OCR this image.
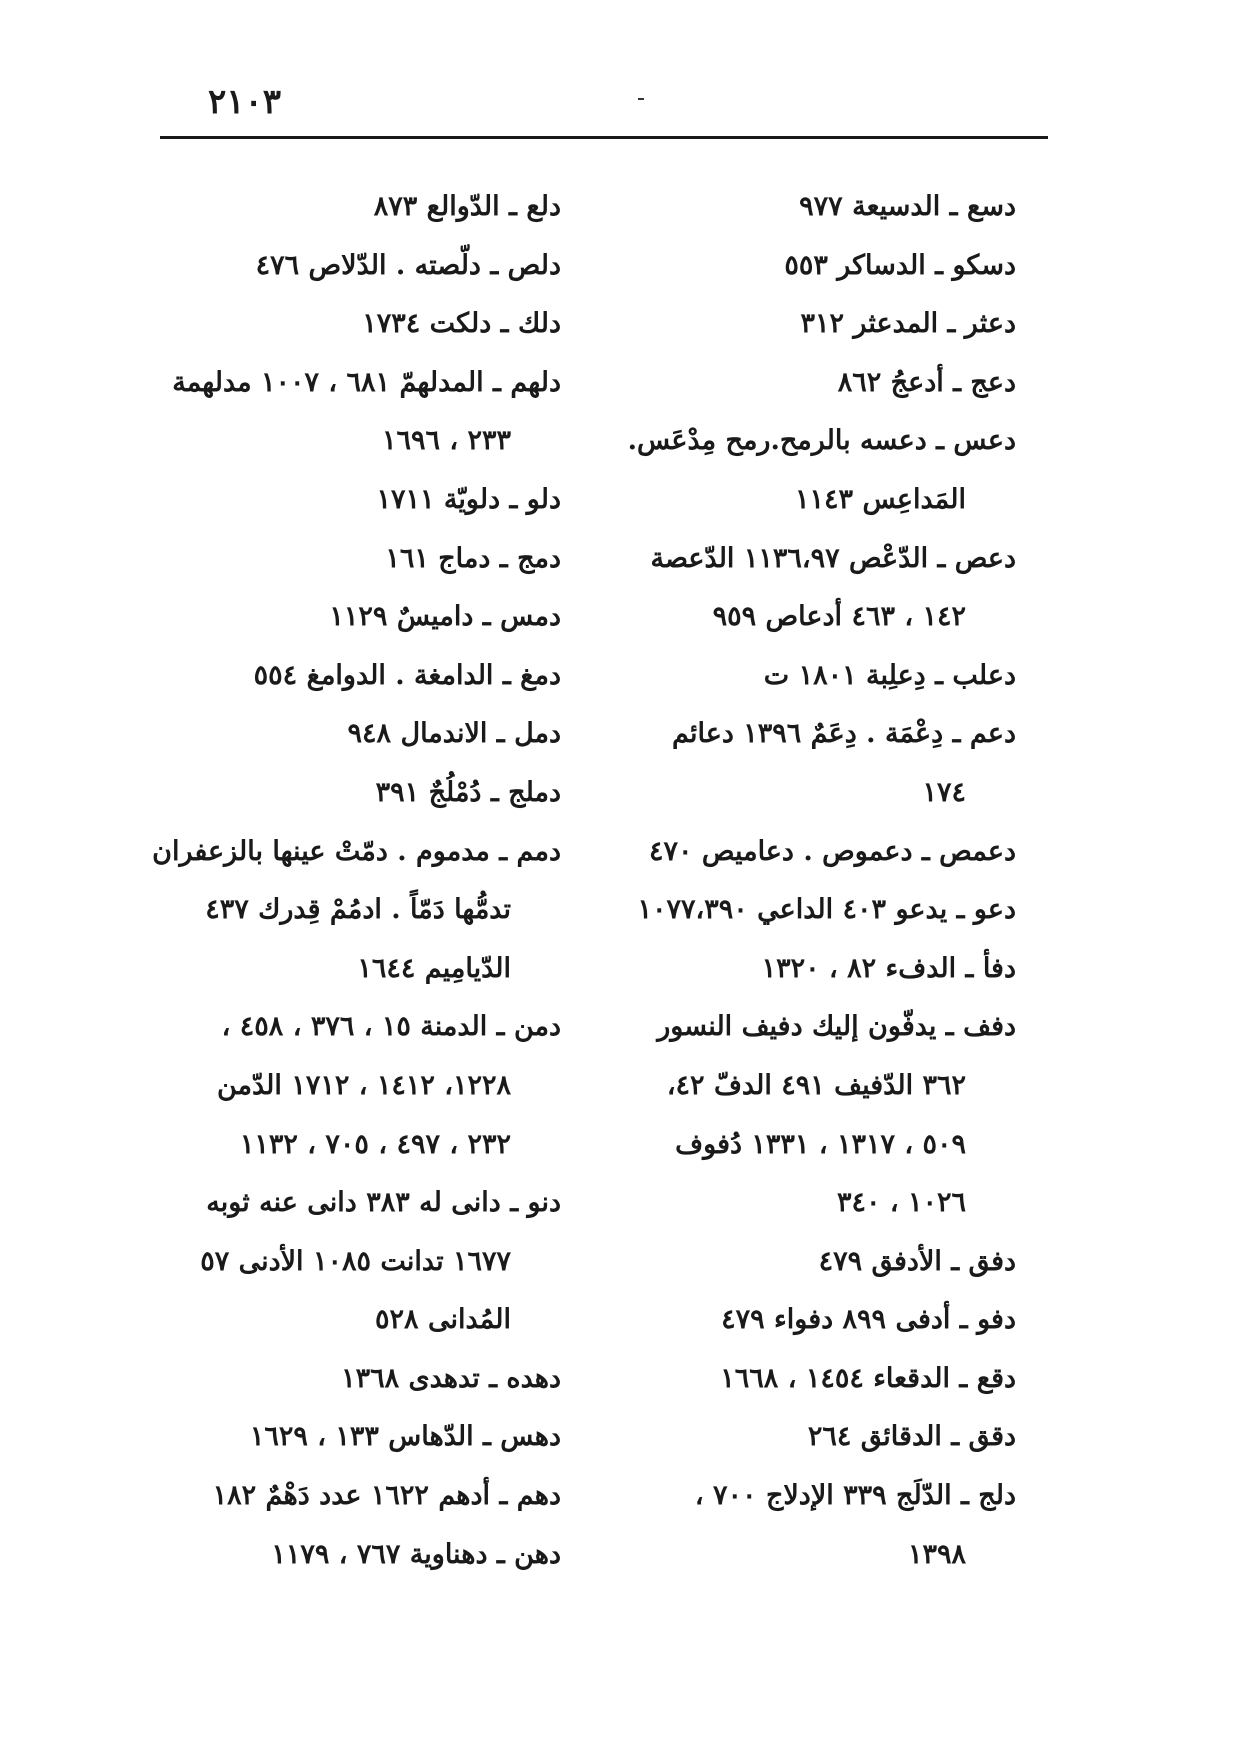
٢١٠٣
دسع ـ الدسيعة ٩٧٧
دسكو ـ الدساكر ٥٥٣
دعثر ـ المدعثر ٣١٢
دعج ـ أدعجُ ٨٦٢
دعس ـ دعسه بالرمح.رمح مِدْعَس.
المَداعِس ١١٤٣
دعص ـ الدّعْص ١١٣٦،٩٧ الدّعصة
١٤٢ ، ٤٦٣ أدعاص ٩٥٩
دعلب ـ دِعلِبة ١٨٠١ ت
دعم ـ دِعْمَة . دِعَمٌ ١٣٩٦ دعائم
١٧٤
دعمص ـ دعموص . دعاميص ٤٧٠
دعو ـ يدعو ٤٠٣ الداعي ١٠٧٧،٣٩٠
دفأ ـ الدفء ٨٢ ، ١٣٢٠
دفف ـ يدفّون إليك دفيف النسور
٣٦٢ الدّفيف ٤٩١ الدفّ ٤٢،
٥٠٩ ، ١٣١٧ ، ١٣٣١ دُفوف
١٠٢٦ ، ٣٤٠
دفق ـ الأدفق ٤٧٩
دفو ـ أدفى ٨٩٩ دفواء ٤٧٩
دقع ـ الدقعاء ١٤٥٤ ، ١٦٦٨
دقق ـ الدقائق ٢٦٤
دلج ـ الدّلَج ٣٣٩ الإدلاج ٧٠٠ ،
١٣٩٨
دلع ـ الدّوالع ٨٧٣
دلص ـ دلّصته . الدّلاص ٤٧٦
دلك ـ دلكت ١٧٣٤
دلهم ـ المدلهمّ ٦٨١ ، ١٠٠٧ مدلهمة
٢٣٣ ، ١٦٩٦
دلو ـ دلويّة ١٧١١
دمج ـ دماج ١٦١
دمس ـ داميسٌ ١١٢٩
دمغ ـ الدامغة . الدوامغ ٥٥٤
دمل ـ الاندمال ٩٤٨
دملج ـ دُمْلُجٌ ٣٩١
دمم ـ مدموم . دمّتْ عينها بالزعفران
تدمُّها دَمّاً . ادمُمْ قِدرك ٤٣٧
الدّيامِيم ١٦٤٤
دمن ـ الدمنة ١٥ ، ٣٧٦ ، ٤٥٨ ،
١٢٢٨، ١٤١٢ ، ١٧١٢ الدّمن
٢٣٢ ، ٤٩٧ ، ٧٠٥ ، ١١٣٢
دنو ـ دانى له ٣٨٣ دانى عنه ثوبه
١٦٧٧ تدانت ١٠٨٥ الأدنى ٥٧
المُدانى ٥٢٨
دهده ـ تدهدى ١٣٦٨
دهس ـ الدّهاس ١٣٣ ، ١٦٢٩
دهم ـ أدهم ١٦٢٢ عدد دَهْمٌ ١٨٢
دهن ـ دهناوية ٧٦٧ ، ١١٧٩
